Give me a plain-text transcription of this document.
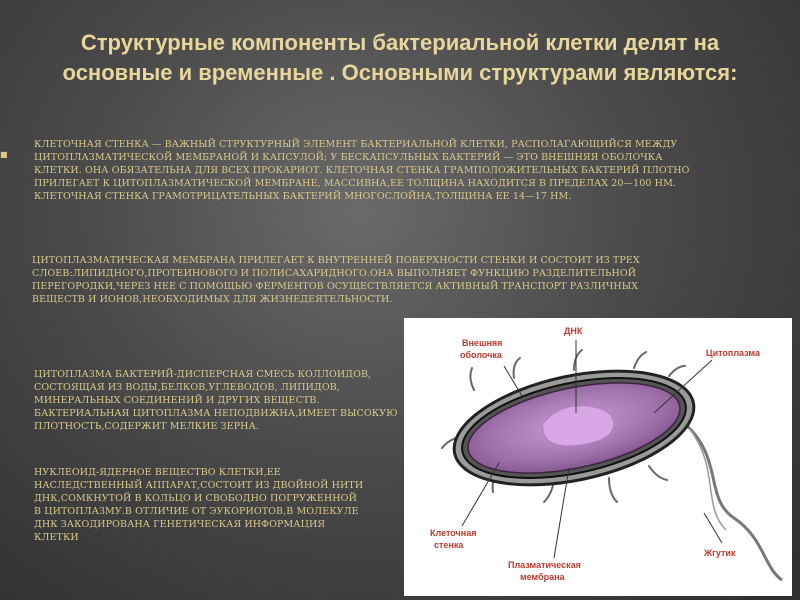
Структурные компоненты бактериальной клетки делят на основные и временные . Основными структурами являются:
■
КЛЕТОЧНАЯ СТЕНКА — ВАЖНЫЙ СТРУКТУРНЫЙ ЭЛЕМЕНТ БАКТЕРИАЛЬНОЙ КЛЕТКИ, РАСПОЛАГАЮЩИЙСЯ МЕЖДУ ЦИТОПЛАЗМАТИЧЕСКОЙ МЕМБРАНОЙ И КАПСУЛОЙ; У БЕСКАПСУЛЬНЫХ БАКТЕРИЙ — ЭТО ВНЕШНЯЯ ОБОЛОЧКА КЛЕТКИ. ОНА ОБЯЗАТЕЛЬНА ДЛЯ ВСЕХ ПРОКАРИОТ. КЛЕТОЧНАЯ СТЕНКА ГРАМПОЛОЖИТЕЛЬНЫХ БАКТЕРИЙ ПЛОТНО ПРИЛЕГАЕТ К ЦИТОПЛАЗМАТИЧЕСКОЙ МЕМБРАНЕ, МАССИВНА,ЕЕ ТОЛЩИНА НАХОДИТСЯ В ПРЕДЕЛАХ 20—100 НМ. КЛЕТОЧНАЯ СТЕНКА ГРАМОТРИЦАТЕЛЬНЫХ БАКТЕРИЙ МНОГОСЛОЙНА,ТОЛЩИНА ЕЕ 14—17 НМ.
ЦИТОПЛАЗМАТИЧЕСКАЯ МЕМБРАНА ПРИЛЕГАЕТ К ВНУТРЕННЕЙ ПОВЕРХНОСТИ СТЕНКИ И СОСТОИТ ИЗ ТРЕХ СЛОЕВ:ЛИПИДНОГО,ПРОТЕИНОВОГО И ПОЛИСАХАРИДНОГО.ОНА ВЫПОЛНЯЕТ ФУНКЦИЮ РАЗДЕЛИТЕЛЬНОЙ ПЕРЕГОРОДКИ,ЧЕРЕЗ НЕЕ С ПОМОЩЬЮ ФЕРМЕНТОВ ОСУЩЕСТВЛЯЕТСЯ АКТИВНЫЙ ТРАНСПОРТ РАЗЛИЧНЫХ ВЕЩЕСТВ И ИОНОВ,НЕОБХОДИМЫХ ДЛЯ ЖИЗНЕДЕЯТЕЛЬНОСТИ.
ЦИТОПЛАЗМА БАКТЕРИЙ-ДИСПЕРСНАЯ СМЕСЬ КОЛЛОИДОВ, СОСТОЯЩАЯ ИЗ ВОДЫ,БЕЛКОВ,УГЛЕВОДОВ, ЛИПИДОВ, МИНЕРАЛЬНЫХ СОЕДИНЕНИЙ И ДРУГИХ ВЕЩЕСТВ. БАКТЕРИАЛЬНАЯ ЦИТОПЛАЗМА НЕПОДВИЖНА,ИМЕЕТ ВЫСОКУЮ ПЛОТНОСТЬ,СОДЕРЖИТ МЕЛКИЕ ЗЕРНА.
НУКЛЕОИД-ЯДЕРНОЕ ВЕЩЕСТВО КЛЕТКИ,ЕЕ НАСЛЕДСТВЕННЫЙ АППАРАТ,СОСТОИТ ИЗ ДВОЙНОЙ НИТИ ДНК,СОМКНУТОЙ В КОЛЬЦО И СВОБОДНО ПОГРУЖЕННОЙ В ЦИТОПЛАЗМУ.В ОТЛИЧИЕ ОТ ЭУКОРИОТОВ,В МОЛЕКУЛЕ ДНК ЗАКОДИРОВАНА ГЕНЕТИЧЕСКАЯ ИНФОРМАЦИЯ КЛЕТКИ
ДНК
Внешняя
оболочка	Цитоплазма
Клеточная
стенка
Плазматическая
мембрана
Жгутик
